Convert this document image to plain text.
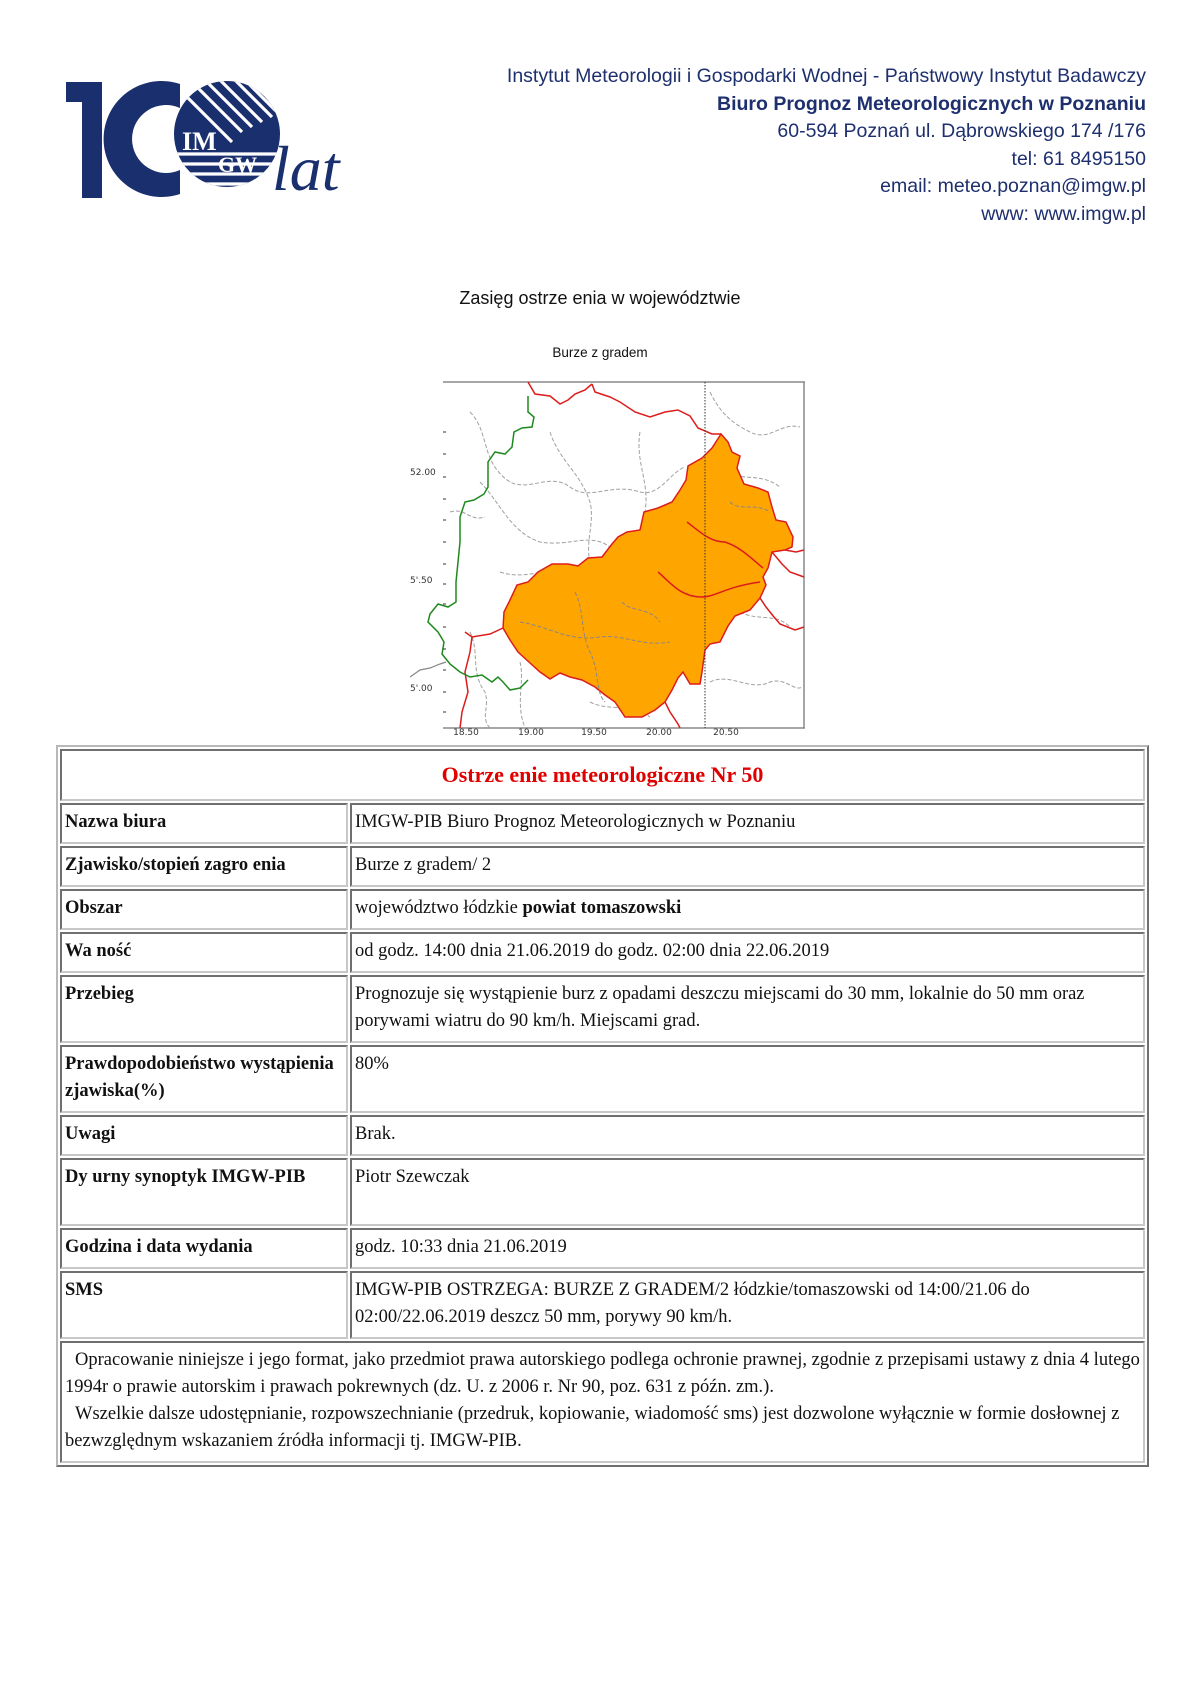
IM
GW lat
Instytut Meteorologii i Gospodarki Wodnej - Państwowy Instytut Badawczy
Biuro Prognoz Meteorologicznych w Poznaniu
60-594 Poznań ul. Dąbrowskiego 174 /176
tel: 61 8495150
email: meteo.poznan@imgw.pl
www: www.imgw.pl
Zasięg ostrze enia w województwie
Burze z gradem
52.00
5'.50
5'.00
18.50	19.00	19.50	20.00	20.50
Ostrze enie meteorologiczne Nr 50	
Nazwa biura	IMGW-PIB Biuro Prognoz Meteorologicznych w Poznaniu
Zjawisko/stopień zagro enia	Burze z gradem/ 2
Obszar	województwo łódzkie powiat tomaszowski
Wa ność	od godz. 14:00 dnia 21.06.2019 do godz. 02:00 dnia 22.06.2019
Przebieg	Prognozuje się wystąpienie burz z opadami deszczu miejscami do 30 mm, lokalnie do 50 mm oraz porywami wiatru do 90 km/h. Miejscami grad.
Prawdopodobieństwo wystąpienia zjawiska(%)	80%
Uwagi	Brak.
Dy urny synoptyk IMGW-PIB	Piotr Szewczak
Godzina i data wydania	godz. 10:33 dnia 21.06.2019
SMS	IMGW-PIB OSTRZEGA: BURZE Z GRADEM/2 łódzkie/tomaszowski od 14:00/21.06 do 02:00/22.06.2019 deszcz 50 mm, porywy 90 km/h.

Opracowanie niniejsze i jego format, jako przedmiot prawa autorskiego podlega ochronie prawnej, zgodnie z przepisami ustawy z dnia 4 lutego 1994r o prawie autorskim i prawach pokrewnych (dz. U. z 2006 r. Nr 90, poz. 631 z późn. zm.).
Wszelkie dalsze udostępnianie, rozpowszechnianie (przedruk, kopiowanie, wiadomość sms) jest dozwolone wyłącznie w formie dosłownej z bezwzględnym wskazaniem źródła informacji tj. IMGW-PIB.	
